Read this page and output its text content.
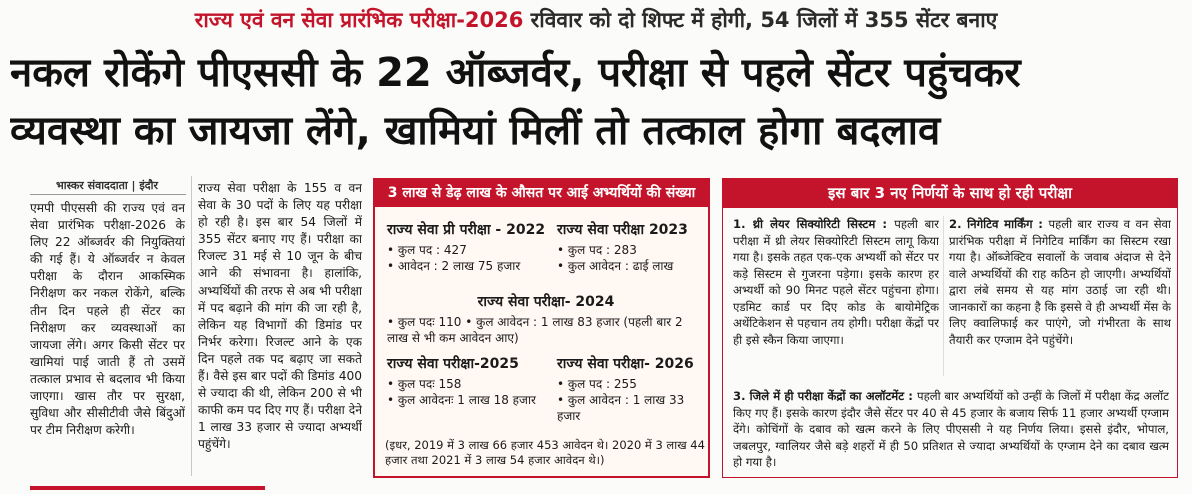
राज्य एवं वन सेवा प्रारंभिक परीक्षा-2026 रविवार को दो शिफ्ट में होगी, 54 जिलों में 355 सेंटर बनाए
नकल रोकेंगे पीएससी के 22 ऑब्जर्वर, परीक्षा से पहले सेंटर पहुंचकर
व्यवस्था का जायजा लेंगे, खामियां मिलीं तो तत्काल होगा बदलाव
भास्कर संवाददाता | इंदौर
एमपी पीएससी की राज्य एवं वन सेवा प्रारंभिक परीक्षा-2026 के लिए 22 ऑब्जर्वर की नियुक्तियां की गई हैं। ये ऑब्जर्वर न केवल परीक्षा के दौरान आकस्मिक निरीक्षण कर नकल रोकेंगे, बल्कि तीन दिन पहले ही सेंटर का निरीक्षण कर व्यवस्थाओं का जायजा लेंगे। अगर किसी सेंटर पर खामियां पाई जाती हैं तो उसमें तत्काल प्रभाव से बदलाव भी किया जाएगा। खास तौर पर सुरक्षा, सुविधा और सीसीटीवी जैसे बिंदुओं पर टीम निरीक्षण करेगी।
राज्य सेवा परीक्षा के 155 व वन सेवा के 30 पदों के लिए यह परीक्षा हो रही है। इस बार 54 जिलों में 355 सेंटर बनाए गए हैं। परीक्षा का रिजल्ट 31 मई से 10 जून के बीच आने की संभावना है। हालांकि, अभ्यर्थियों की तरफ से अब भी परीक्षा में पद बढ़ाने की मांग की जा रही है, लेकिन यह विभागों की डिमांड पर निर्भर करेगा। रिजल्ट आने के एक दिन पहले तक पद बढ़ाए जा सकते हैं। वैसे इस बार पदों की डिमांड 400 से ज्यादा की थी, लेकिन 200 से भी काफी कम पद दिए गए हैं। परीक्षा देने 1 लाख 33 हजार से ज्यादा अभ्यर्थी पहुंचेंगे।
3 लाख से डेढ़ लाख के औसत पर आई अभ्यर्थियों की संख्या
राज्य सेवा प्री परीक्षा - 2022
• कुल पद : 427
• आवेदन : 2 लाख 75 हजार
राज्य सेवा परीक्षा 2023
• कुल पद : 283
• कुल आवेदन : ढाई लाख
राज्य सेवा परीक्षा- 2024
• कुल पदः 110 • कुल आवेदन : 1 लाख 83 हजार (पहली बार 2 लाख से भी कम आवेदन आए)
राज्य सेवा परीक्षा-2025
• कुल पदः 158
• कुल आवेदनः 1 लाख 18 हजार
राज्य सेवा परीक्षा- 2026
• कुल पद : 255
• कुल आवेदन : 1 लाख 33 हजार
(इधर, 2019 में 3 लाख 66 हजार 453 आवेदन थे। 2020 में 3 लाख 44 हजार तथा 2021 में 3 लाख 54 हजार आवेदन थे।)
इस बार 3 नए निर्णयों के साथ हो रही परीक्षा
1. थ्री लेयर सिक्योरिटी सिस्टम : पहली बार परीक्षा में थ्री लेयर सिक्योरिटी सिस्टम लागू किया गया है। इसके तहत एक-एक अभ्यर्थी को सेंटर पर कड़े सिस्टम से गुजरना पड़ेगा। इसके कारण हर अभ्यर्थी को 90 मिनट पहले सेंटर पहुंचना होगा। एडमिट कार्ड पर दिए कोड के बायोमेट्रिक अथेंटिकेशन से पहचान तय होगी। परीक्षा केंद्रों पर ही इसे स्कैन किया जाएगा।
2. निगेटिव मार्किंग : पहली बार राज्य व वन सेवा प्रारंभिक परीक्षा में निगेटिव मार्किंग का सिस्टम रखा गया है। ऑब्जेक्टिव सवालों के जवाब अंदाज से देने वाले अभ्यर्थियों की राह कठिन हो जाएगी। अभ्यर्थियों द्वारा लंबे समय से यह मांग उठाई जा रही थी। जानकारों का कहना है कि इससे वे ही अभ्यर्थी मेंस के लिए क्वालिफाई कर पाएंगे, जो गंभीरता के साथ तैयारी कर एग्जाम देने पहुंचेंगे।
3. जिले में ही परीक्षा केंद्रों का अलॉटमेंट : पहली बार अभ्यर्थियों को उन्हीं के जिलों में परीक्षा केंद्र अलॉट किए गए हैं। इसके कारण इंदौर जैसे सेंटर पर 40 से 45 हजार के बजाय सिर्फ 11 हजार अभ्यर्थी एग्जाम देंगे। कोचिंगों के दबाव को खत्म करने के लिए पीएससी ने यह निर्णय लिया। इससे इंदौर, भोपाल, जबलपुर, ग्वालियर जैसे बड़े शहरों में ही 50 प्रतिशत से ज्यादा अभ्यर्थियों के एग्जाम देने का दबाव खत्म हो गया है।
